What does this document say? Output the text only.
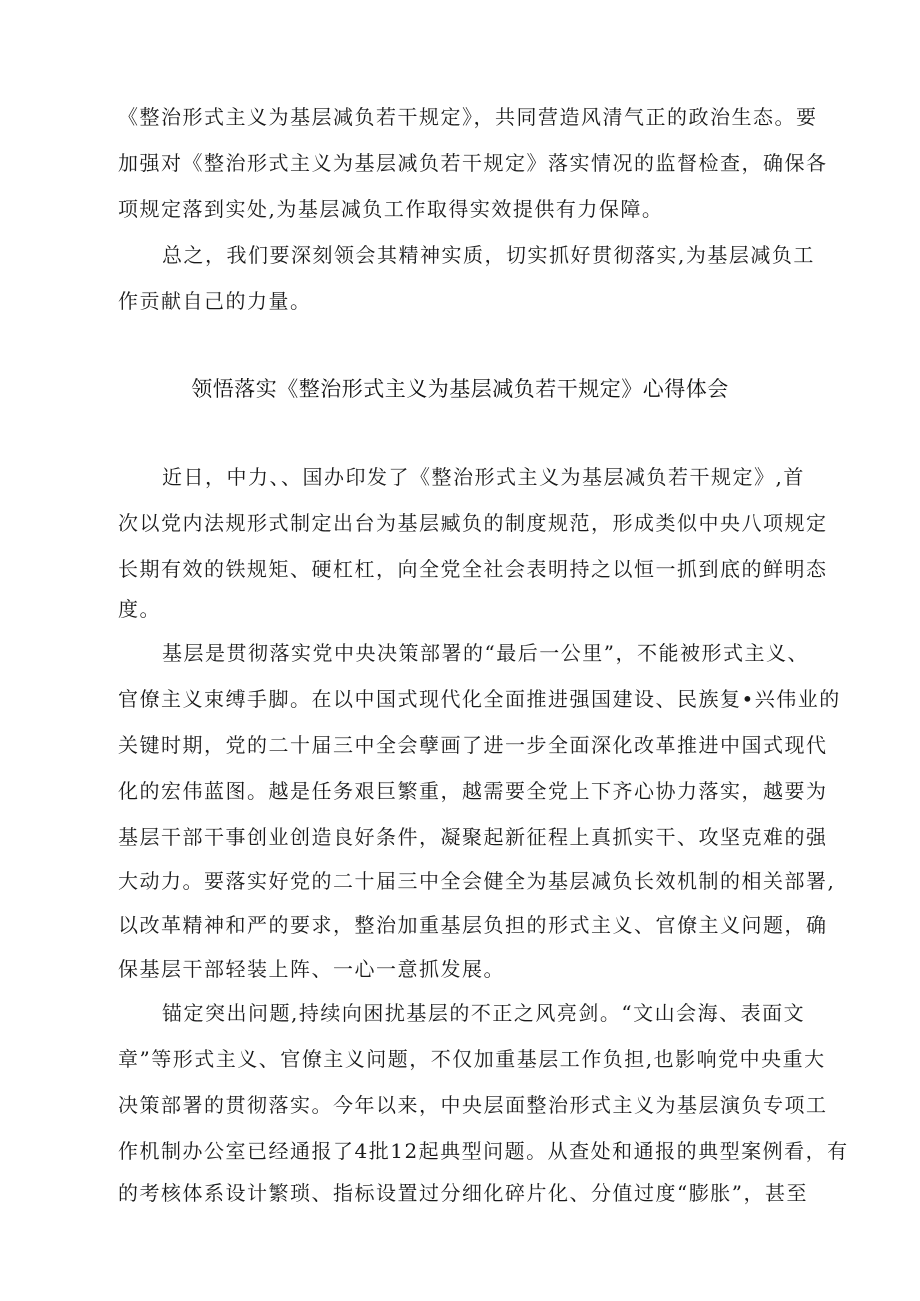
《整治形式主义为基层减负若干规定》，共同营造风清气正的政治生态。要
加强对《整治形式主义为基层减负若干规定》落实情况的监督检查，确保各
项规定落到实处,为基层减负工作取得实效提供有力保障。
总之，我们要深刻领会其精神实质，切实抓好贯彻落实,为基层减负工
作贡献自己的力量。
领悟落实《整治形式主义为基层减负若干规定》心得体会
近日，中力、、国办印发了《整治形式主义为基层减负若干规定》,首
次以党内法规形式制定出台为基层臧负的制度规范，形成类似中央八项规定
长期有效的铁规矩、硬杠杠，向全党全社会表明持之以恒一抓到底的鲜明态
度。
基层是贯彻落实党中央决策部署的“最后一公里”，不能被形式主义、
官僚主义束缚手脚。在以中国式现代化全面推进强国建设、民族复•兴伟业的
关键时期，党的二十届三中全会孽画了进一步全面深化改革推进中国式现代
化的宏伟蓝图。越是任务艰巨繁重，越需要全党上下齐心协力落实，越要为
基层干部干事创业创造良好条件，凝聚起新征程上真抓实干、攻坚克难的强
大动力。要落实好党的二十届三中全会健全为基层减负长效机制的相关部署,
以改革精神和严的要求，整治加重基层负担的形式主义、官僚主义问题，确
保基层干部轻装上阵、一心一意抓发展。
锚定突出问题,持续向困扰基层的不正之风亮剑。“文山会海、表面文
章”等形式主义、官僚主义问题，不仅加重基层工作负担,也影响党中央重大
决策部署的贯彻落实。今年以来，中央层面整治形式主义为基层演负专项工
作机制办公室已经通报了4批12起典型问题。从查处和通报的典型案例看，有
的考核体系设计繁琐、指标设置过分细化碎片化、分值过度“膨胀”，甚至
